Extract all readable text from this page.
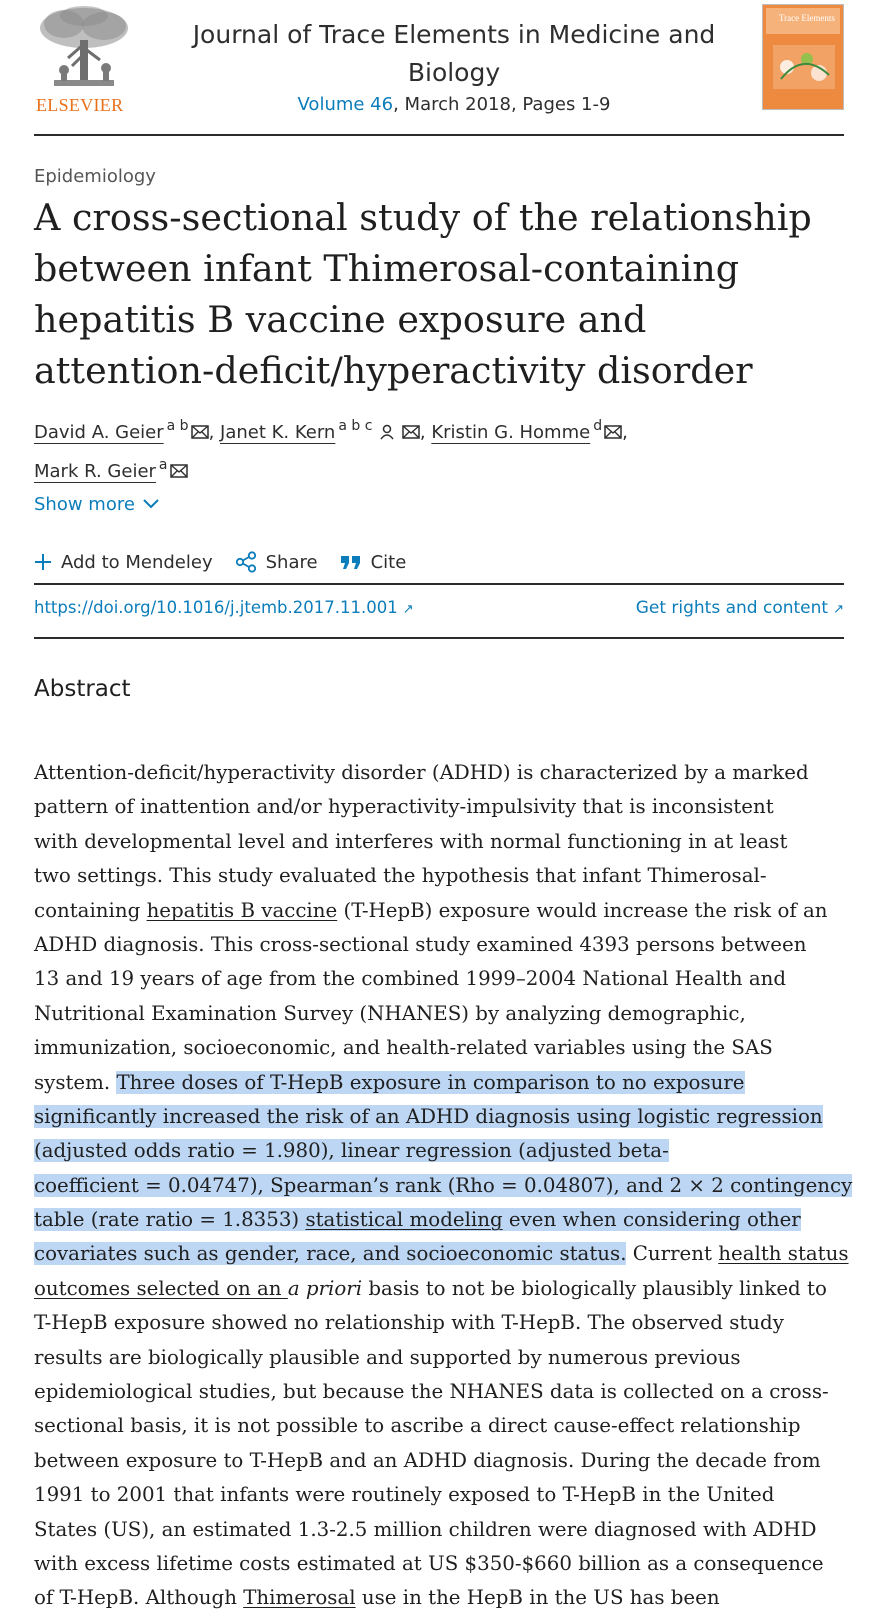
ELSEVIER
Journal of Trace Elements in Medicine and Biology
Volume 46, March 2018, Pages 1-9
Trace Elements
Epidemiology
A cross-sectional study of the relationship between infant Thimerosal-containing hepatitis B vaccine exposure and attention-deficit/hyperactivity disorder
David A. Geier $^{a b}$ , Janet K. Kern $^{a b c}$	, Kristin G. Homme $^d$ ,
Mark R. Geier $^a$
Show more
Add to Mendeley	Share	Cite
https://doi.org/10.1016/j.jtemb.2017.11.001 ↗	Get rights and content ↗
Abstract
Attention-deficit/hyperactivity disorder (ADHD) is characterized by a marked
pattern of inattention and/or hyperactivity-impulsivity that is inconsistent
with developmental level and interferes with normal functioning in at least
two settings. This study evaluated the hypothesis that infant Thimerosal-
containing hepatitis B vaccine (T-HepB) exposure would increase the risk of an
ADHD diagnosis. This cross-sectional study examined 4393 persons between
13 and 19 years of age from the combined 1999–2004 National Health and
Nutritional Examination Survey (NHANES) by analyzing demographic,
immunization, socioeconomic, and health-related variables using the SAS
system. Three doses of T-HepB exposure in comparison to no exposure
significantly increased the risk of an ADHD diagnosis using logistic regression
(adjusted odds ratio = 1.980), linear regression (adjusted beta-
coefficient = 0.04747), Spearman’s rank (Rho = 0.04807), and 2 × 2 contingency
table (rate ratio = 1.8353) statistical modeling even when considering other
covariates such as gender, race, and socioeconomic status. Current health status
outcomes selected on an a priori basis to not be biologically plausibly linked to
T-HepB exposure showed no relationship with T-HepB. The observed study
results are biologically plausible and supported by numerous previous
epidemiological studies, but because the NHANES data is collected on a cross-
sectional basis, it is not possible to ascribe a direct cause-effect relationship
between exposure to T-HepB and an ADHD diagnosis. During the decade from
1991 to 2001 that infants were routinely exposed to T-HepB in the United
States (US), an estimated 1.3-2.5 million children were diagnosed with ADHD
with excess lifetime costs estimated at US $350-$660 billion as a consequence
of T-HepB. Although Thimerosal use in the HepB in the US has been
